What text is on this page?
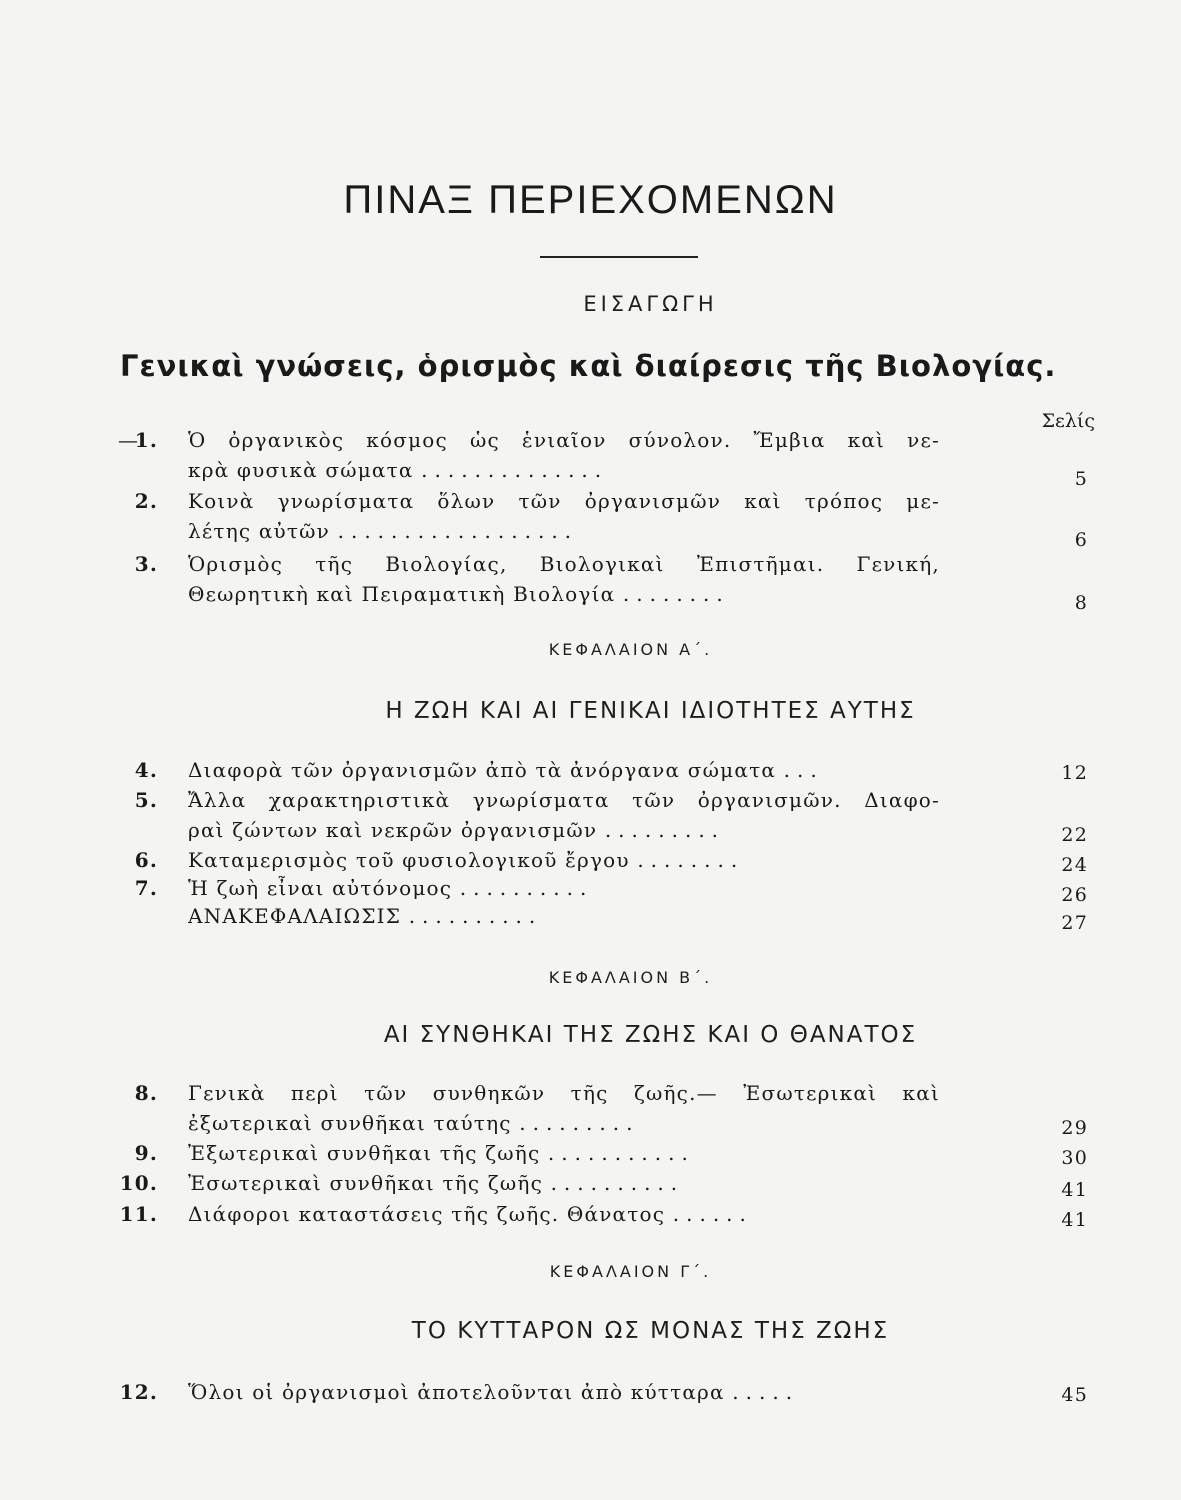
ΠΙΝΑΞ ΠΕΡΙΕΧΟΜΕΝΩΝ
ΕΙΣΑΓΩΓΗ
Γενικαὶ γνώσεις, ὁρισμὸς καὶ διαίρεσις τῆς Βιολογίας.
Σελίς
—
1. Ὁ ὀργανικὸς κόσμος ὡς ἑνιαῖον σύνολον. Ἔμβια καὶ νε-
κρὰ φυσικὰ σώματα ..............	5
2. Κοινὰ γνωρίσματα ὅλων τῶν ὀργανισμῶν καὶ τρόπος με-
λέτης αὐτῶν ..................	6
3. Ὁρισμὸς τῆς Βιολογίας, Βιολογικαὶ Ἐπιστῆμαι. Γενική,
Θεωρητικὴ καὶ Πειραματικὴ Βιολογία ........	8
ΚΕΦΑΛΑΙΟΝ Α΄.
Η ΖΩΗ ΚΑΙ ΑΙ ΓΕΝΙΚΑΙ ΙΔΙΟΤΗΤΕΣ ΑΥΤΗΣ
4. Διαφορὰ τῶν ὀργανισμῶν ἀπὸ τὰ ἀνόργανα σώματα ...	12
5. Ἄλλα χαρακτηριστικὰ γνωρίσματα τῶν ὀργανισμῶν. Διαφο-
ραὶ ζώντων καὶ νεκρῶν ὀργανισμῶν .........	22
6. Καταμερισμὸς τοῦ φυσιολογικοῦ ἔργου ........	24
7. Ἡ ζωὴ εἶναι αὐτόνομος ..........	26
ΑΝΑΚΕΦΑΛΑΙΩΣΙΣ ..........	27
ΚΕΦΑΛΑΙΟΝ Β΄.
ΑΙ ΣΥΝΘΗΚΑΙ ΤΗΣ ΖΩΗΣ ΚΑΙ Ο ΘΑΝΑΤΟΣ
8. Γενικὰ περὶ τῶν συνθηκῶν τῆς ζωῆς.— Ἐσωτερικαὶ καὶ
ἐξωτερικαὶ συνθῆκαι ταύτης .........	29
9. Ἐξωτερικαὶ συνθῆκαι τῆς ζωῆς ...........	30
10. Ἐσωτερικαὶ συνθῆκαι τῆς ζωῆς ..........	41
11. Διάφοροι καταστάσεις τῆς ζωῆς. Θάνατος ......	41
ΚΕΦΑΛΑΙΟΝ Γ΄.
ΤΟ ΚΥΤΤΑΡΟΝ ΩΣ ΜΟΝΑΣ ΤΗΣ ΖΩΗΣ
12. Ὅλοι οἱ ὀργανισμοὶ ἀποτελοῦνται ἀπὸ κύτταρα .....	45
